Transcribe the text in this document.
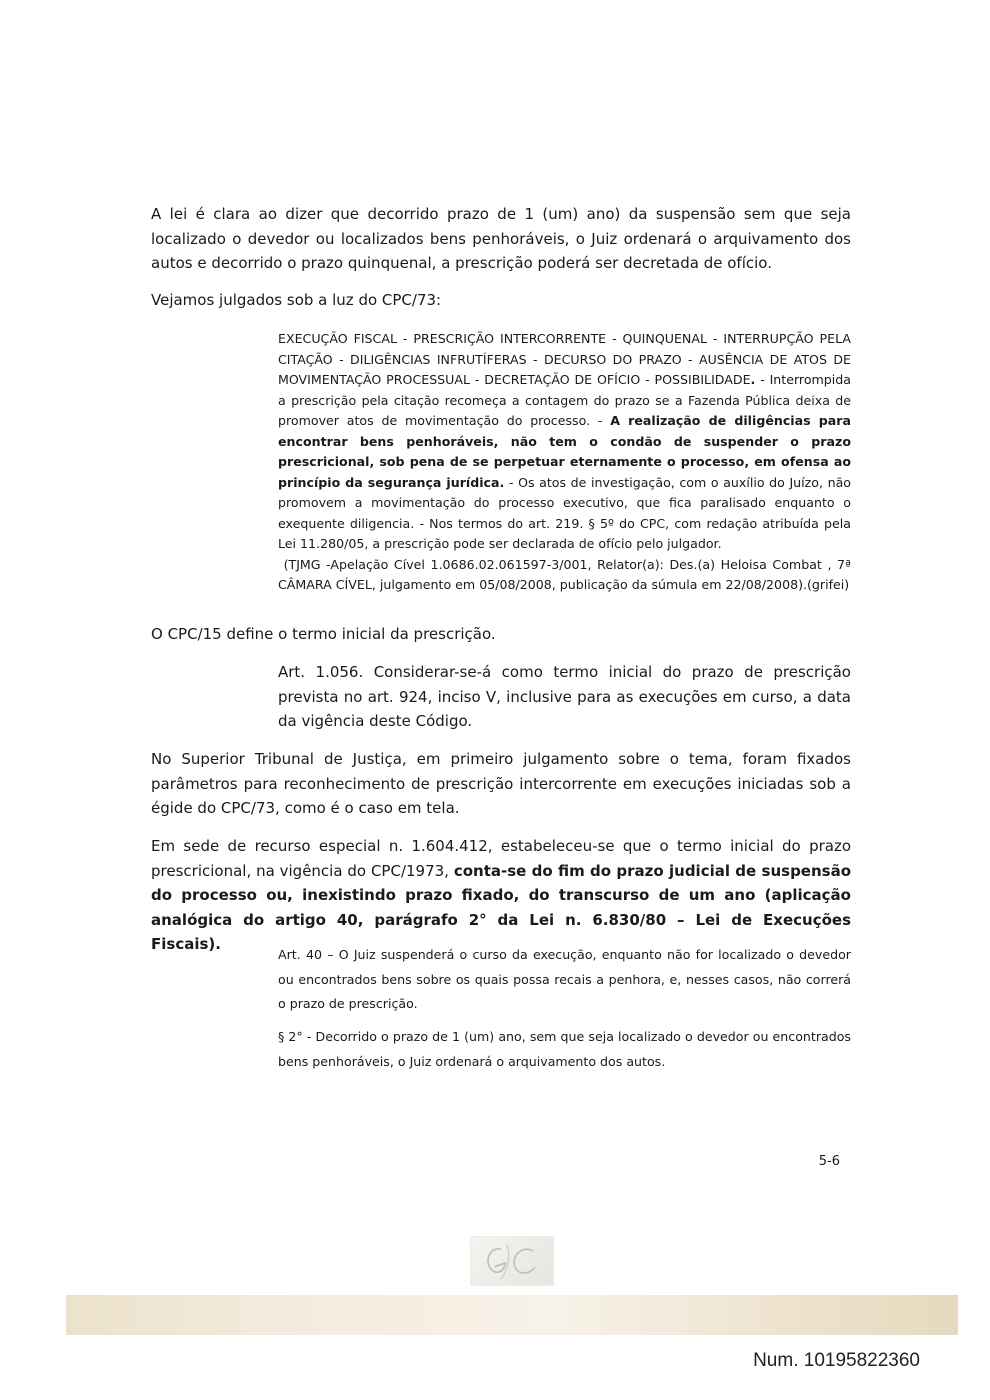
A lei é clara ao dizer que decorrido prazo de 1 (um) ano) da suspensão sem que seja localizado o devedor ou localizados bens penhoráveis, o Juiz ordenará o arquivamento dos autos e decorrido o prazo quinquenal, a prescrição poderá ser decretada de ofício.

Vejamos julgados sob a luz do CPC/73:

EXECUÇÃO FISCAL - PRESCRIÇÃO INTERCORRENTE - QUINQUENAL - INTERRUPÇÃO PELA CITAÇÃO - DILIGÊNCIAS INFRUTÍFERAS - DECURSO DO PRAZO - AUSÊNCIA DE ATOS DE MOVIMENTAÇÃO PROCESSUAL - DECRETAÇÃO DE OFÍCIO - POSSIBILIDADE. - Interrompida a prescrição pela citação recomeça a contagem do prazo se a Fazenda Pública deixa de promover atos de movimentação do processo. - A realização de diligências para encontrar bens penhoráveis, não tem o condão de suspender o prazo prescricional, sob pena de se perpetuar eternamente o processo, em ofensa ao princípio da segurança jurídica. - Os atos de investigação, com o auxílio do Juízo, não promovem a movimentação do processo executivo, que fica paralisado enquanto o exequente diligencia. - Nos termos do art. 219. § 5º do CPC, com redação atribuída pela Lei 11.280/05, a prescrição pode ser declarada de ofício pelo julgador.
(TJMG -Apelação Cível 1.0686.02.061597-3/001, Relator(a): Des.(a) Heloisa Combat , 7ª CÂMARA CÍVEL, julgamento em 05/08/2008, publicação da súmula em 22/08/2008).(grifei)

O CPC/15 define o termo inicial da prescrição.

Art. 1.056. Considerar-se-á como termo inicial do prazo de prescrição prevista no art. 924, inciso V, inclusive para as execuções em curso, a data da vigência deste Código.

No Superior Tribunal de Justiça, em primeiro julgamento sobre o tema, foram fixados parâmetros para reconhecimento de prescrição intercorrente em execuções iniciadas sob a égide do CPC/73, como é o caso em tela.

Em sede de recurso especial n. 1.604.412, estabeleceu-se que o termo inicial do prazo prescricional, na vigência do CPC/1973, conta-se do fim do prazo judicial de suspensão do processo ou, inexistindo prazo fixado, do transcurso de um ano (aplicação analógica do artigo 40, parágrafo 2° da Lei n. 6.830/80 – Lei de Execuções Fiscais).

Art. 40 – O Juiz suspenderá o curso da execução, enquanto não for localizado o devedor ou encontrados bens sobre os quais possa recais a penhora, e, nesses casos, não correrá o prazo de prescrição.

§ 2° - Decorrido o prazo de 1 (um) ano, sem que seja localizado o devedor ou encontrados bens penhoráveis, o Juiz ordenará o arquivamento dos autos.

5-6
Num. 10195822360
